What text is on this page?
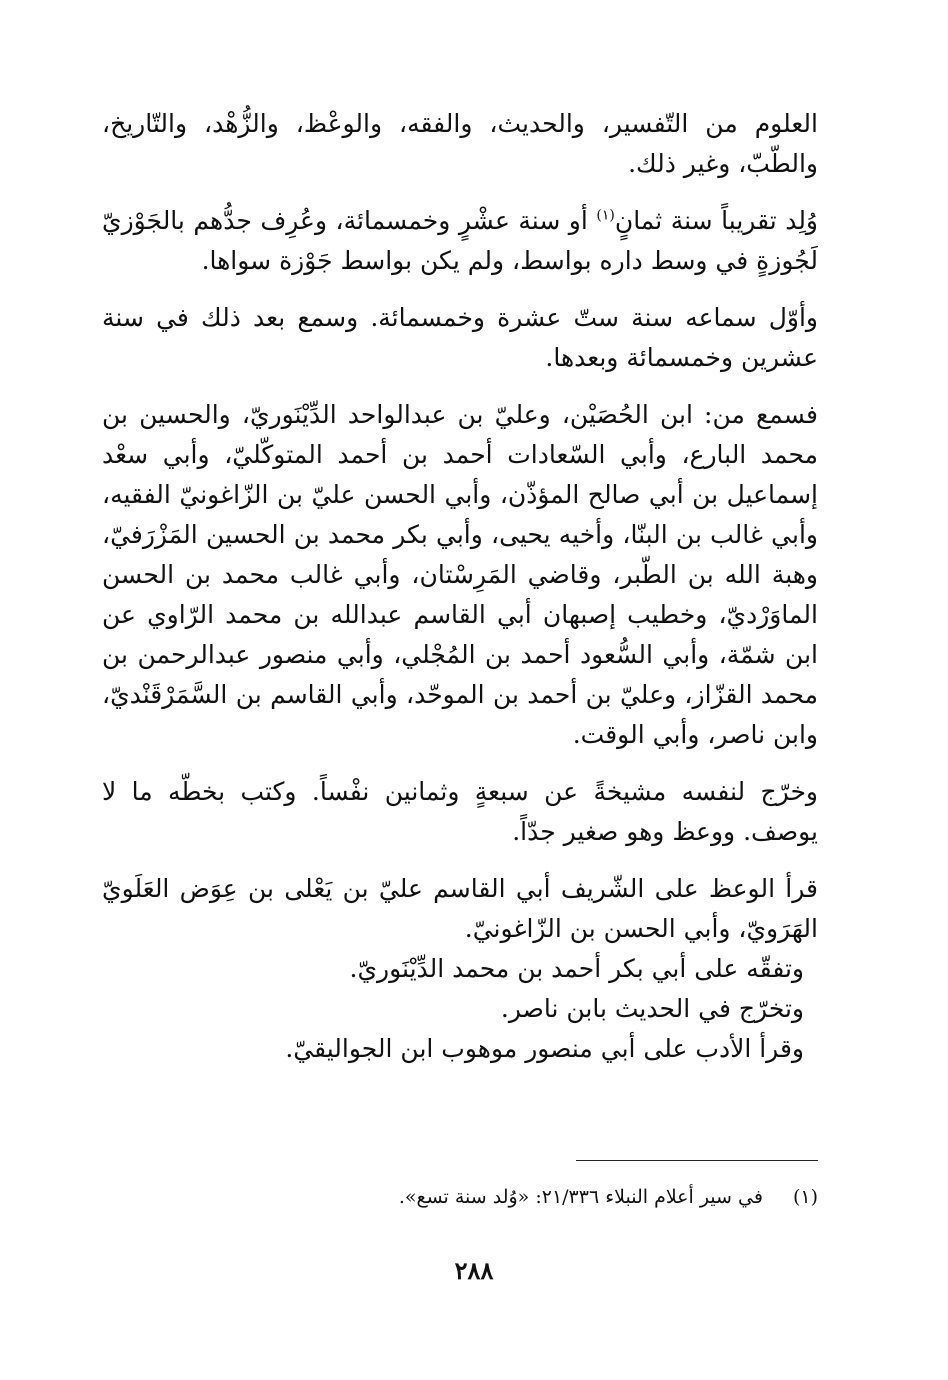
العلوم من التّفسير، والحديث، والفقه، والوعْظ، والزُّهْد، والتّاريخ، والطّبّ، وغير ذلك.

وُلِد تقريباً سنة ثمانٍ$^{(١)}$ أو سنة عشْرٍ وخمسمائة، وعُرِف جدُّهم بالجَوْزيّ لَجُوزةٍ في وسط داره بواسط، ولم يكن بواسط جَوْزة سواها.

وأوّل سماعه سنة ستّ عشرة وخمسمائة. وسمع بعد ذلك في سنة عشرين وخمسمائة وبعدها.

فسمع من: ابن الحُصَيْن، وعليّ بن عبدالواحد الدِّيْنَوريّ، والحسين بن محمد البارع، وأبي السّعادات أحمد بن أحمد المتوكّليّ، وأبي سعْد إسماعيل بن أبي صالح المؤذّن، وأبي الحسن عليّ بن الزّاغونيّ الفقيه، وأبي غالب بن البنّا، وأخيه يحيى، وأبي بكر محمد بن الحسين المَزْرَفيّ، وهبة الله بن الطّبر، وقاضي المَرِسْتان، وأبي غالب محمد بن الحسن الماوَرْديّ، وخطيب إصبهان أبي القاسم عبدالله بن محمد الرّاوي عن ابن شمّة، وأبي السُّعود أحمد بن المُجْلي، وأبي منصور عبدالرحمن بن محمد القزّاز، وعليّ بن أحمد بن الموحّد، وأبي القاسم بن السَّمَرْقَنْديّ، وابن ناصر، وأبي الوقت.

وخرّج لنفسه مشيخةً عن سبعةٍ وثمانين نفْساً. وكتب بخطّه ما لا يوصف. ووعظ وهو صغير جدّاً.

قرأ الوعظ على الشّريف أبي القاسم عليّ بن يَعْلى بن عِوَض العَلَويّ الهَرَويّ، وأبي الحسن بن الزّاغونيّ.

وتفقّه على أبي بكر أحمد بن محمد الدِّيْنَوريّ.

وتخرّج في الحديث بابن ناصر.

وقرأ الأدب على أبي منصور موهوب ابن الجواليقيّ.

(١)في سير أعلام النبلاء ٢١/٣٣٦: «وُلد سنة تسع».
٢٨٨
